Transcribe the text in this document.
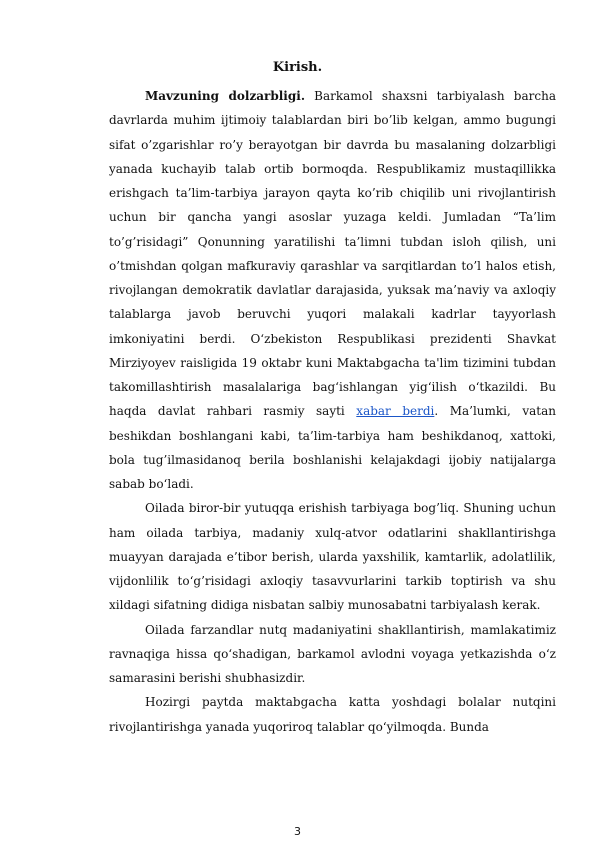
Kirish.

Mavzuning dolzarbligi. Barkamol shaxsni tarbiyalash barcha davrlarda muhim ijtimoiy talablardan biri bo’lib kelgan, ammo bugungi sifat o’zgarishlar ro’y berayotgan bir davrda bu masalaning dolzarbligi yanada kuchayib talab ortib bormoqda. Respublikamiz mustaqillikka erishgach ta’lim-tarbiya jarayon qayta ko’rib chiqilib uni rivojlantirish uchun bir qancha yangi asoslar yuzaga keldi. Jumladan “Ta’lim to’g’risidagi” Qonunning yaratilishi ta’limni tubdan isloh qilish, uni o’tmishdan qolgan mafkuraviy qarashlar va sarqitlardan to’l halos etish, rivojlangan demokratik davlatlar darajasida, yuksak ma’naviy va axloqiy talablarga javob beruvchi yuqori malakali kadrlar tayyorlash imkoniyatini berdi. O‘zbekiston Respublikasi prezidenti Shavkat Mirziyoyev raisligida 19 oktabr kuni Maktabgacha ta'lim tizimini tubdan takomillashtirish masalalariga bag‘ishlangan yig‘ilish o‘tkazildi. Bu haqda davlat rahbari rasmiy sayti xabar berdi. Ma’lumki, vatan beshikdan boshlangani kabi, ta’lim-tarbiya ham beshikdanoq, xattoki, bola tug’ilmasidanoq berila boshlanishi kelajakdagi ijobiy natijalarga sabab bo‘ladi.

Oilada biror-bir yutuqqa erishish tarbiyaga bog’liq. Shuning uchun ham oilada tarbiya, madaniy xulq-atvor odatlarini shakllantirishga muayyan darajada e’tibor berish, ularda yaxshilik, kamtarlik, adolatlilik, vijdonlilik to‘g’risidagi axloqiy tasavvurlarini tarkib toptirish va shu xildagi sifatning didiga nisbatan salbiy munosabatni tarbiyalash kerak.

Oilada farzandlar nutq madaniyatini shakllantirish, mamlakatimiz ravnaqiga hissa qo‘shadigan, barkamol avlodni voyaga yetkazishda o‘z samarasini berishi shubhasizdir.

Hozirgi paytda maktabgacha katta yoshdagi bolalar nutqini rivojlantirishga yanada yuqoriroq talablar qo‘yilmoqda. Bunda

3
